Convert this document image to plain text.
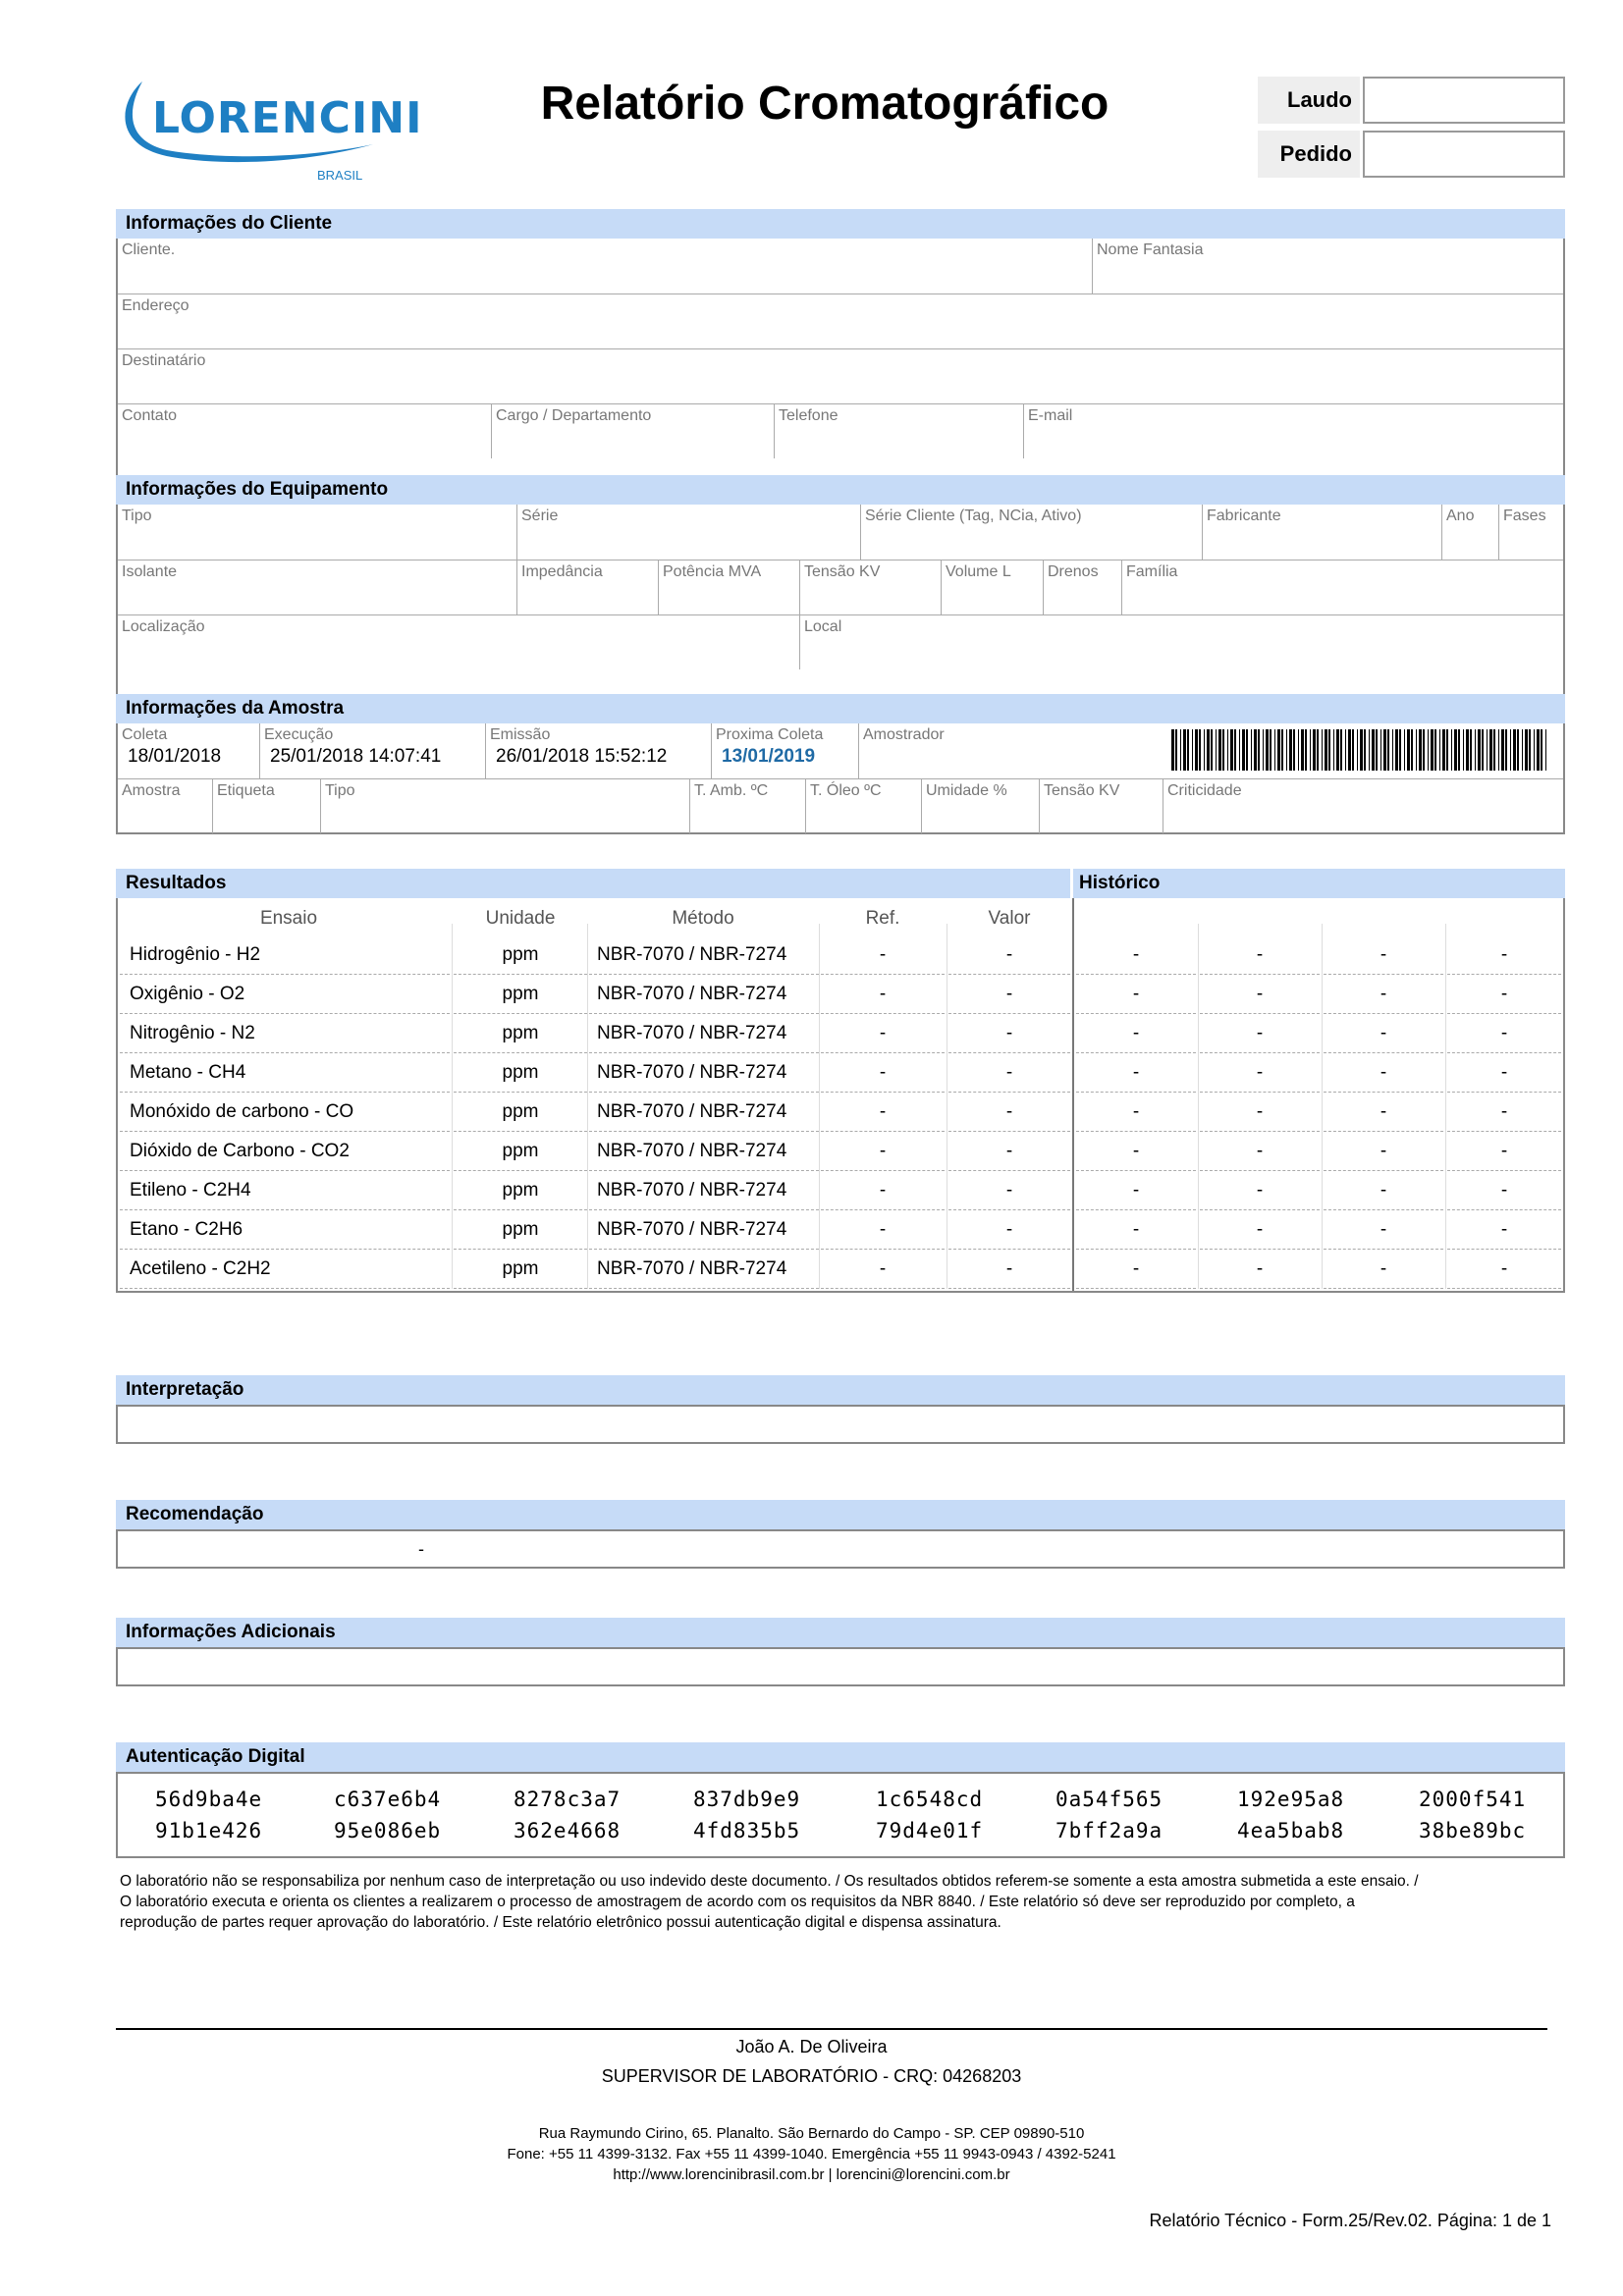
LORENCINI
BRASIL
Relatório Cromatográfico	Laudo
Pedido
Informações do Cliente
Cliente.	Nome Fantasia
Endereço
Destinatário
Contato	Cargo / Departamento	Telefone	E-mail
Informações do Equipamento
Tipo	Série	Série Cliente (Tag, NCia, Ativo)	Fabricante	Ano	Fases
Isolante	Impedância	Potência MVA	Tensão KV	Volume L	Drenos	Família
Localização	Local
Informações da Amostra
Coleta
18/01/2018
Execução
25/01/2018 14:07:41
Emissão
26/01/2018 15:52:12
Proxima Coleta
13/01/2019
Amostrador
Amostra	Etiqueta	Tipo	T. Amb. ºC	T. Óleo ºC	Umidade %	Tensão KV	Criticidade
Resultados	Histórico
Ensaio	Unidade	Método	Ref.	Valor
Hidrogênio - H2	ppm	NBR-7070 / NBR-7274	-	-	-	-	-	-
Oxigênio - O2	ppm	NBR-7070 / NBR-7274	-	-	-	-	-	-
Nitrogênio - N2	ppm	NBR-7070 / NBR-7274	-	-	-	-	-	-
Metano - CH4	ppm	NBR-7070 / NBR-7274	-	-	-	-	-	-
Monóxido de carbono - CO	ppm	NBR-7070 / NBR-7274	-	-	-	-	-	-
Dióxido de Carbono - CO2	ppm	NBR-7070 / NBR-7274	-	-	-	-	-	-
Etileno - C2H4	ppm	NBR-7070 / NBR-7274	-	-	-	-	-	-
Etano - C2H6	ppm	NBR-7070 / NBR-7274	-	-	-	-	-	-
Acetileno - C2H2	ppm	NBR-7070 / NBR-7274	-	-	-	-	-	-
Interpretação
Recomendação
-
Informações Adicionais
Autenticação Digital
56d9ba4e	c637e6b4	8278c3a7	837db9e9	1c6548cd	0a54f565	192e95a8	2000f541
91b1e426	95e086eb	362e4668	4fd835b5	79d4e01f	7bff2a9a	4ea5bab8	38be89bc
O laboratório não se responsabiliza por nenhum caso de interpretação ou uso indevido deste documento. / Os resultados obtidos referem-se somente a esta amostra submetida a este ensaio. /
O laboratório executa e orienta os clientes a realizarem o processo de amostragem de acordo com os requisitos da NBR 8840. / Este relatório só deve ser reproduzido por completo, a
reprodução de partes requer aprovação do laboratório. / Este relatório eletrônico possui autenticação digital e dispensa assinatura.
João A. De Oliveira
SUPERVISOR DE LABORATÓRIO - CRQ: 04268203
Rua Raymundo Cirino, 65. Planalto. São Bernardo do Campo - SP. CEP 09890-510
Fone: +55 11 4399-3132. Fax +55 11 4399-1040. Emergência +55 11 9943-0943 / 4392-5241
http://www.lorencinibrasil.com.br | lorencini@lorencini.com.br
Relatório Técnico - Form.25/Rev.02. Página: 1 de 1
